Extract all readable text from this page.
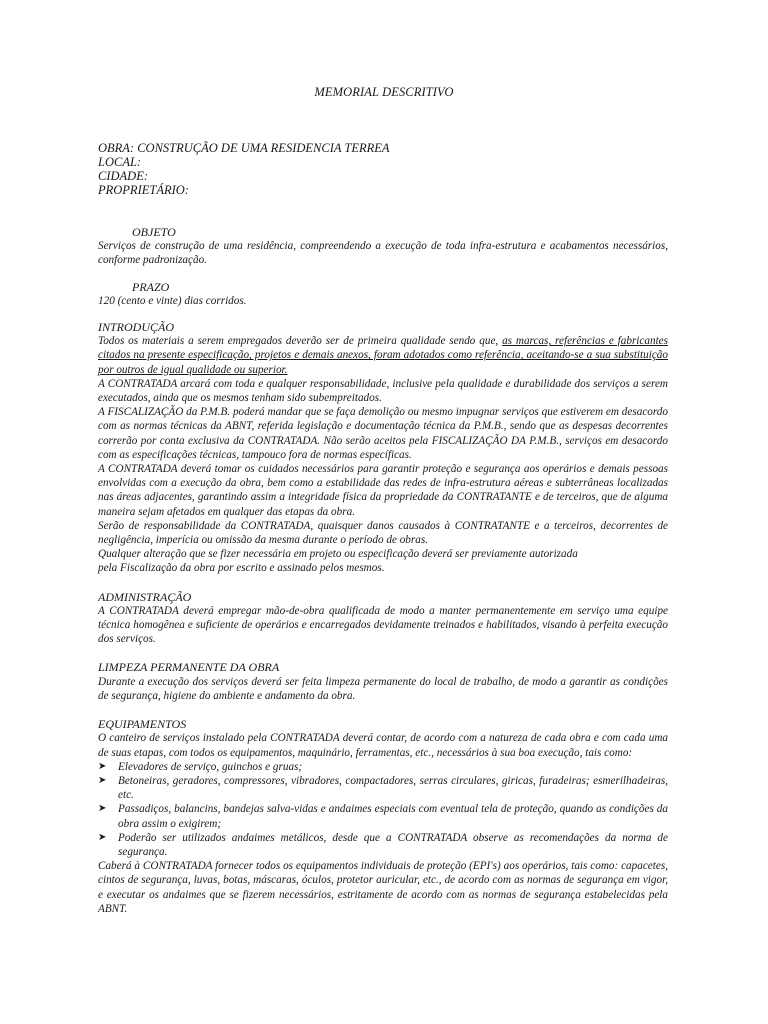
MEMORIAL DESCRITIVO
OBRA: CONSTRUÇÃO DE UMA RESIDENCIA TERREA
LOCAL:
CIDADE:
PROPRIETÁRIO:

OBJETO

Serviços de construção de uma residência, compreendendo a execução de toda infra-estrutura e acabamentos necessários, conforme padronização.

PRAZO

120 (cento e vinte) dias corridos.

INTRODUÇÃO

Todos os materiais a serem empregados deverão ser de primeira qualidade sendo que, as marcas, referências e fabricantes citados na presente especificação, projetos e demais anexos, foram adotados como referência, aceitando-se a sua substituição por outros de igual qualidade ou superior.

A CONTRATADA arcará com toda e qualquer responsabilidade, inclusive pela qualidade e durabilidade dos serviços a serem executados, ainda que os mesmos tenham sido subempreitados.

A FISCALIZAÇÃO da P.M.B. poderá mandar que se faça demolição ou mesmo impugnar serviços que estiverem em desacordo com as normas técnicas da ABNT, referida legislação e documentação técnica da P.M.B., sendo que as despesas decorrentes correrão por conta exclusiva da CONTRATADA. Não serão aceitos pela FISCALIZAÇÃO DA P.M.B., serviços em desacordo com as especificações técnicas, tampouco fora de normas específicas.

A CONTRATADA deverá tomar os cuidados necessários para garantir proteção e segurança aos operários e demais pessoas envolvidas com a execução da obra, bem como a estabilidade das redes de infra-estrutura aéreas e subterrâneas localizadas nas áreas adjacentes, garantindo assim a integridade física da propriedade da CONTRATANTE e de terceiros, que de alguma maneira sejam afetados em qualquer das etapas da obra.

Serão de responsabilidade da CONTRATADA, quaisquer danos causados à CONTRATANTE e a terceiros, decorrentes de negligência, imperícia ou omissão da mesma durante o período de obras.

Qualquer alteração que se fizer necessária em projeto ou especificação deverá ser previamente autorizada

pela Fiscalização da obra por escrito e assinado pelos mesmos.

ADMINISTRAÇÃO

A CONTRATADA deverá empregar mão-de-obra qualificada de modo a manter permanentemente em serviço uma equipe técnica homogênea e suficiente de operários e encarregados devidamente treinados e habilitados, visando à perfeita execução dos serviços.

LIMPEZA PERMANENTE DA OBRA

Durante a execução dos serviços deverá ser feita limpeza permanente do local de trabalho, de modo a garantir as condições de segurança, higiene do ambiente e andamento da obra.

EQUIPAMENTOS

O canteiro de serviços instalado pela CONTRATADA deverá contar, de acordo com a natureza de cada obra e com cada uma de suas etapas, com todos os equipamentos, maquinário, ferramentas, etc., necessários à sua boa execução, tais como:

➤ Elevadores de serviço, guinchos e gruas;
➤ Betoneiras, geradores, compressores, vibradores, compactadores, serras circulares, giricas, furadeiras; esmerilhadeiras, etc.
➤ Passadiços, balancins, bandejas salva-vidas e andaimes especiais com eventual tela de proteção, quando as condições da obra assim o exigirem;
➤ Poderão ser utilizados andaimes metálicos, desde que a CONTRATADA observe as recomendações da norma de segurança.

Caberá à CONTRATADA fornecer todos os equipamentos individuais de proteção (EPI's) aos operários, tais como: capacetes, cintos de segurança, luvas, botas, máscaras, óculos, protetor auricular, etc., de acordo com as normas de segurança em vigor, e executar os andaimes que se fizerem necessários, estritamente de acordo com as normas de segurança estabelecidas pela ABNT.
